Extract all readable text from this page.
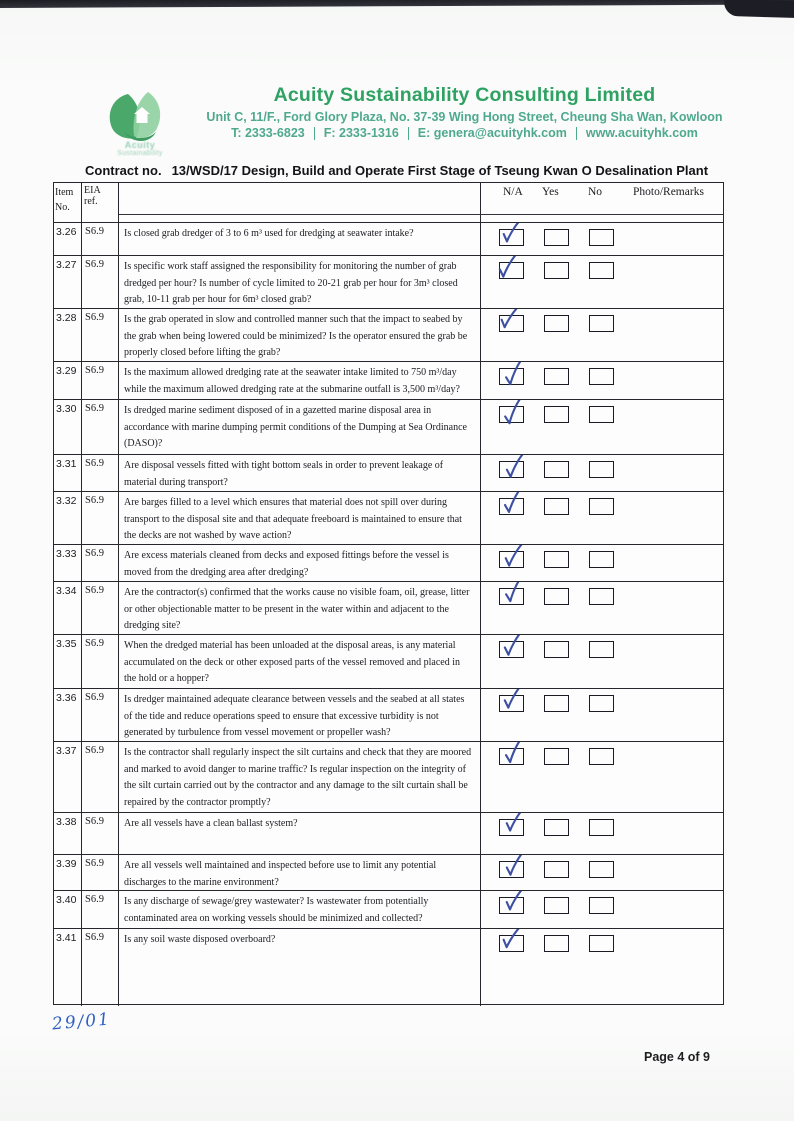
Acuity
Sustainability
Acuity Sustainability Consulting Limited
Unit C, 11/F., Ford Glory Plaza, No. 37-39 Wing Hong Street, Cheung Sha Wan, Kowloon
T: 2333-6823 F: 2333-1316 E: genera@acuityhk.com www.acuityhk.com
Contract no. 13/WSD/17 Design, Build and Operate First Stage of Tseung Kwan O Desalination Plant
Item No.
EIA ref.
N/A Yes	No	Photo/Remarks
3.26 S6.9	Is closed grab dredger of 3 to 6 m³ used for dredging at seawater intake?
3.27 S6.9	Is specific work staff assigned the responsibility for monitoring the number of grab dredged per hour? Is number of cycle limited to 20-21 grab per hour for 3m³ closed grab, 10-11 grab per hour for 6m³ closed grab?
3.28 S6.9	Is the grab operated in slow and controlled manner such that the impact to seabed by the grab when being lowered could be minimized? Is the operator ensured the grab be properly closed before lifting the grab?
3.29 S6.9	Is the maximum allowed dredging rate at the seawater intake limited to 750 m³/day while the maximum allowed dredging rate at the submarine outfall is 3,500 m³/day?
3.30 S6.9	Is dredged marine sediment disposed of in a gazetted marine disposal area in accordance with marine dumping permit conditions of the Dumping at Sea Ordinance (DASO)?
3.31 S6.9	Are disposal vessels fitted with tight bottom seals in order to prevent leakage of material during transport?
3.32 S6.9	Are barges filled to a level which ensures that material does not spill over during transport to the disposal site and that adequate freeboard is maintained to ensure that the decks are not washed by wave action?
3.33 S6.9	Are excess materials cleaned from decks and exposed fittings before the vessel is moved from the dredging area after dredging?
3.34 S6.9	Are the contractor(s) confirmed that the works cause no visible foam, oil, grease, litter or other objectionable matter to be present in the water within and adjacent to the dredging site?
3.35 S6.9	When the dredged material has been unloaded at the disposal areas, is any material accumulated on the deck or other exposed parts of the vessel removed and placed in the hold or a hopper?
3.36 S6.9	Is dredger maintained adequate clearance between vessels and the seabed at all states of the tide and reduce operations speed to ensure that excessive turbidity is not generated by turbulence from vessel movement or propeller wash?
3.37 S6.9	Is the contractor shall regularly inspect the silt curtains and check that they are moored and marked to avoid danger to marine traffic? Is regular inspection on the integrity of the silt curtain carried out by the contractor and any damage to the silt curtain shall be repaired by the contractor promptly?
3.38 S6.9	Are all vessels have a clean ballast system?
3.39 S6.9	Are all vessels well maintained and inspected before use to limit any potential discharges to the marine environment?
3.40 S6.9	Is any discharge of sewage/grey wastewater? Is wastewater from potentially contaminated area on working vessels should be minimized and collected?
3.41 S6.9	Is any soil waste disposed overboard?
29/01
Page 4 of 9
